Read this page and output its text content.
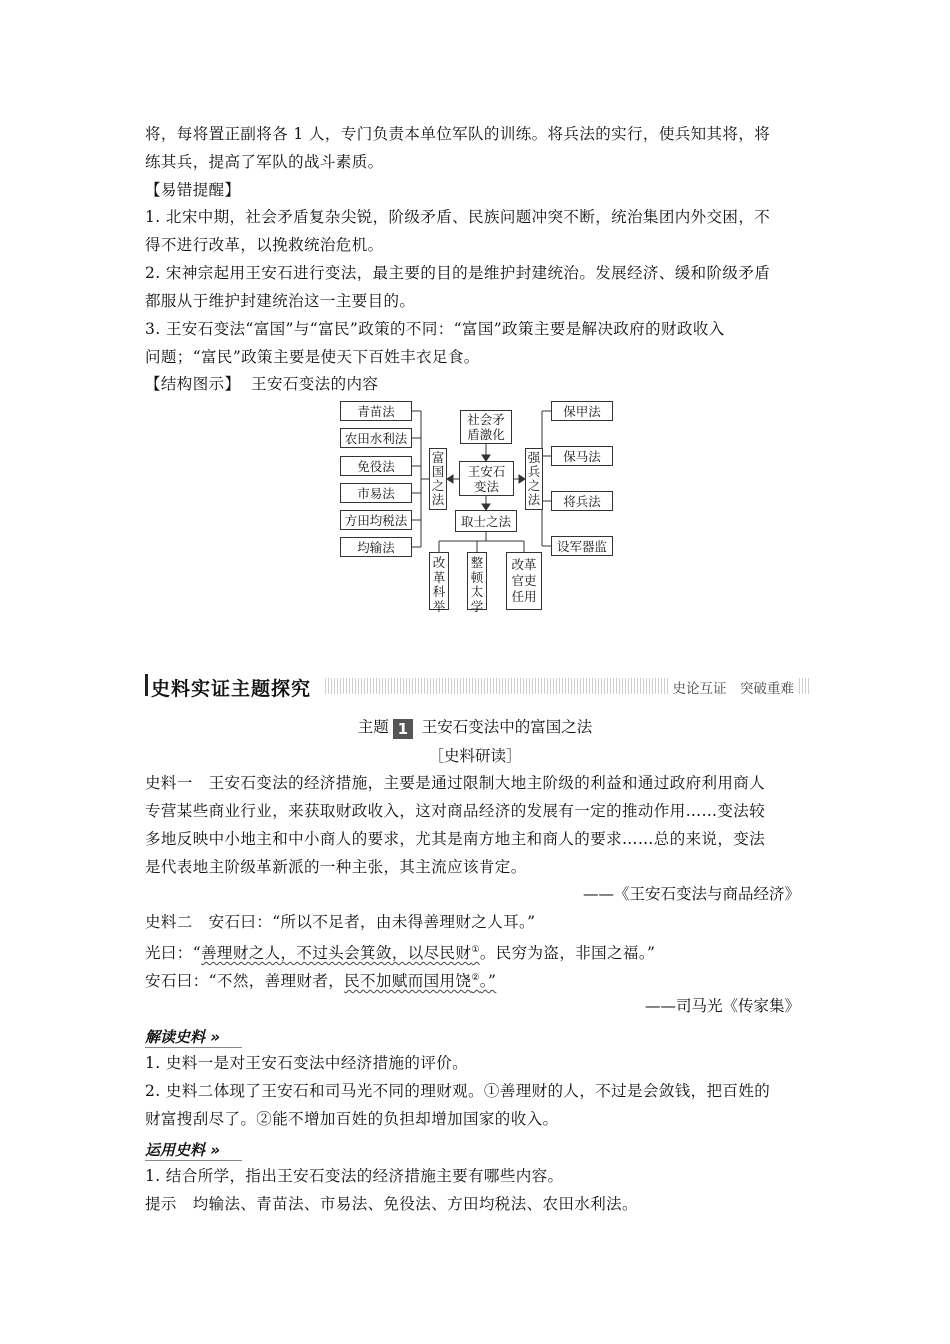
将，每将置正副将各 1 人，专门负责本单位军队的训练。将兵法的实行，使兵知其将，将
练其兵，提高了军队的战斗素质。
【易错提醒】
1. 北宋中期，社会矛盾复杂尖锐，阶级矛盾、民族问题冲突不断，统治集团内外交困，不
得不进行改革，以挽救统治危机。
2. 宋神宗起用王安石进行变法，最主要的目的是维护封建统治。发展经济、缓和阶级矛盾
都服从于维护封建统治这一主要目的。
3. 王安石变法“富国”与“富民”政策的不同：“富国”政策主要是解决政府的财政收入
问题；“富民”政策主要是使天下百姓丰衣足食。
【结构图示】 王安石变法的内容
青苗法
农田水利法
免役法
市易法
方田均税法
均输法
保甲法
保马法
将兵法
设军器监
社会矛
盾激化
王安石
变法
富
国
之
法
强
兵
之
法
取士之法
改
革
科
举
整
顿
太
学
改革
官吏
任用
史料实证主题探究	史论互证　突破重难
主题 1 王安石变法中的富国之法
［史料研读］
史料一　王安石变法的经济措施，主要是通过限制大地主阶级的利益和通过政府利用商人
专营某些商业行业，来获取财政收入，这对商品经济的发展有一定的推动作用……变法较
多地反映中小地主和中小商人的要求，尤其是南方地主和商人的要求……总的来说，变法
是代表地主阶级革新派的一种主张，其主流应该肯定。
——《王安石变法与商品经济》
史料二　安石曰：“所以不足者，由未得善理财之人耳。”
光曰：“善理财之人，不过头会箕敛，以尽民财①。民穷为盗，非国之福。”
安石曰：“不然，善理财者，民不加赋而国用饶②。”
——司马光《传家集》
解读史料 »
1. 史料一是对王安石变法中经济措施的评价。
2. 史料二体现了王安石和司马光不同的理财观。①善理财的人，不过是会敛钱，把百姓的
财富搜刮尽了。②能不增加百姓的负担却增加国家的收入。
运用史料 »
1. 结合所学，指出王安石变法的经济措施主要有哪些内容。
提示　均输法、青苗法、市易法、免役法、方田均税法、农田水利法。
